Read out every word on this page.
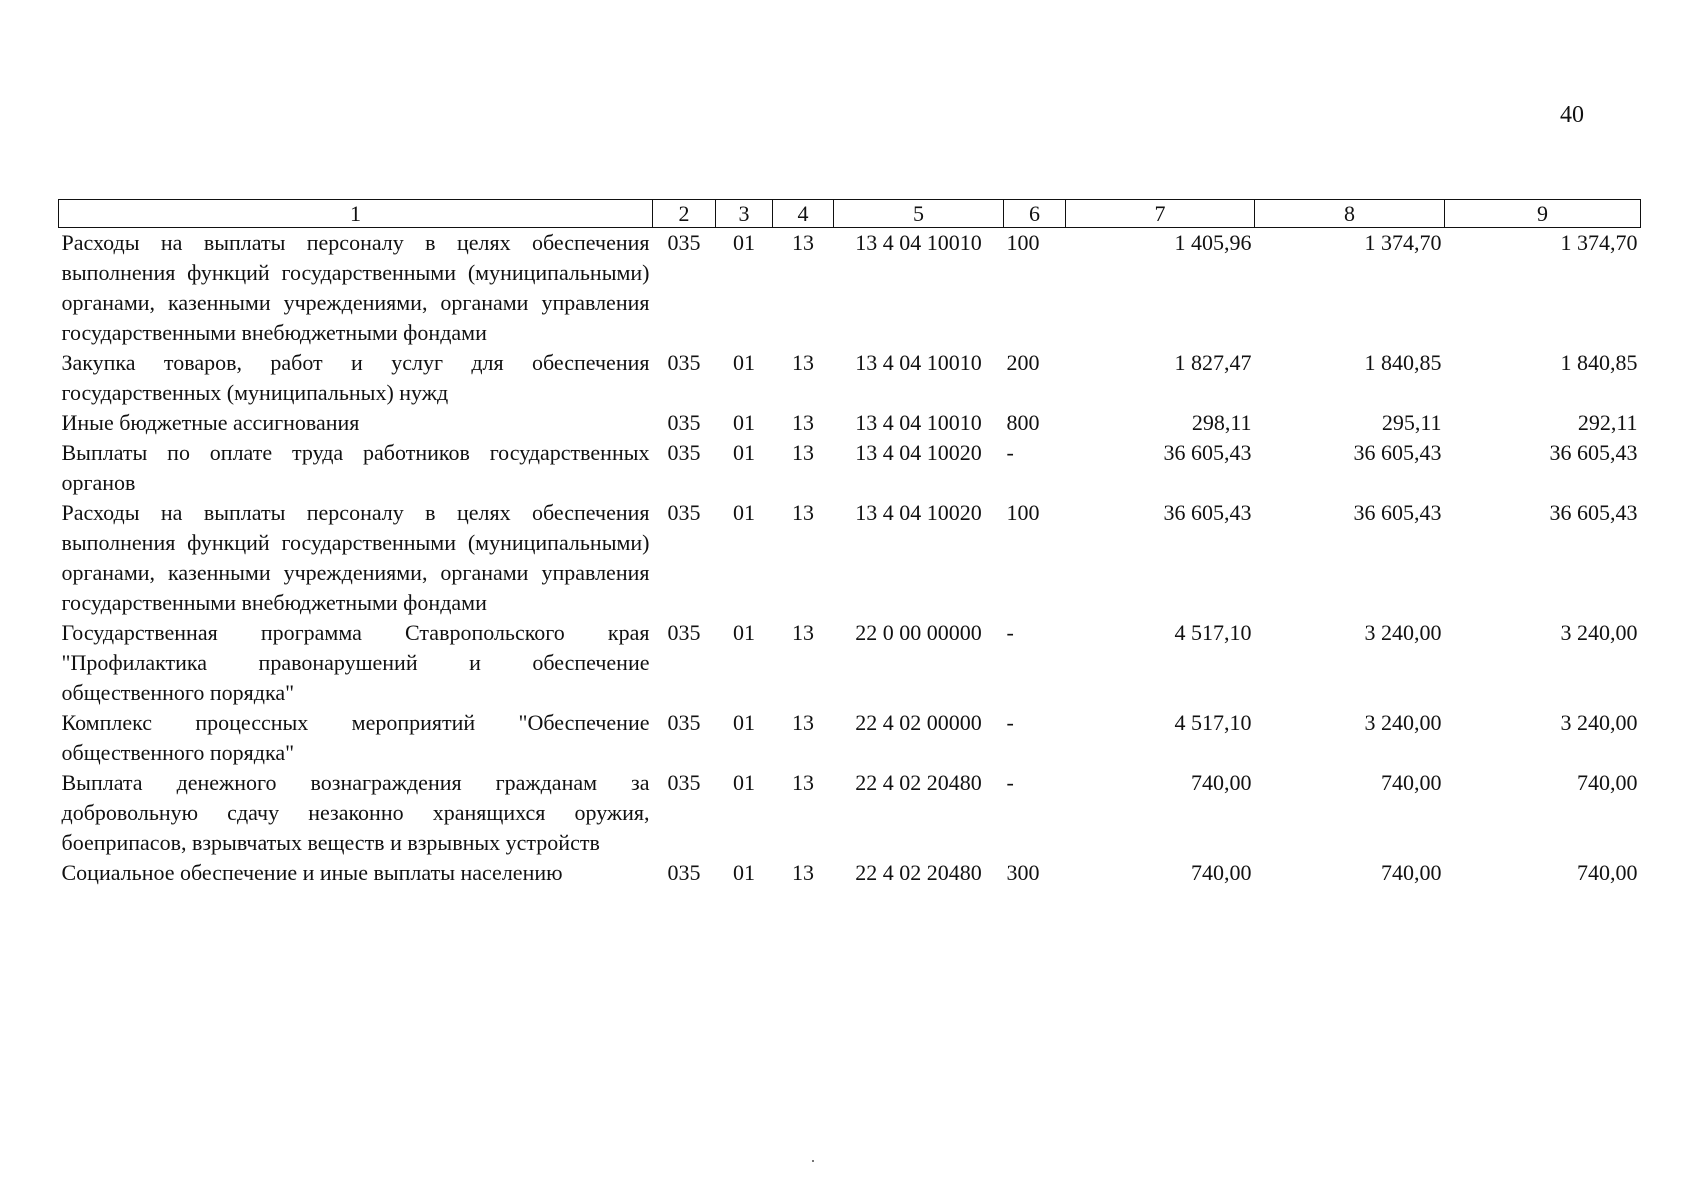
40
1	2	3	4	5	6	7	8	9
Расходы на выплаты персоналу в целях обеспечения выполнения функций государственными (муниципальными) органами, казенными учреждениями, органами управления государственными внебюджетными фондами	035	01	13	13 4 04 10010	100	1 405,96	1 374,70	1 374,70
Закупка товаров, работ и услуг для обеспечения государственных (муниципальных) нужд	035	01	13	13 4 04 10010	200	1 827,47	1 840,85	1 840,85
Иные бюджетные ассигнования	035	01	13	13 4 04 10010	800	298,11	295,11	292,11
Выплаты по оплате труда работников государственных органов	035	01	13	13 4 04 10020	-	36 605,43	36 605,43	36 605,43
Расходы на выплаты персоналу в целях обеспечения выполнения функций государственными (муниципальными) органами, казенными учреждениями, органами управления государственными внебюджетными фондами	035	01	13	13 4 04 10020	100	36 605,43	36 605,43	36 605,43
Государственная программа Ставропольского края "Профилактика правонарушений и обеспечение общественного порядка"	035	01	13	22 0 00 00000	-	4 517,10	3 240,00	3 240,00
Комплекс процессных мероприятий "Обеспечение общественного порядка"	035	01	13	22 4 02 00000	-	4 517,10	3 240,00	3 240,00
Выплата денежного вознаграждения гражданам за добровольную сдачу незаконно хранящихся оружия, боеприпасов, взрывчатых веществ и взрывных устройств	035	01	13	22 4 02 20480	-	740,00	740,00	740,00
Социальное обеспечение и иные выплаты населению	035	01	13	22 4 02 20480	300	740,00	740,00	740,00
